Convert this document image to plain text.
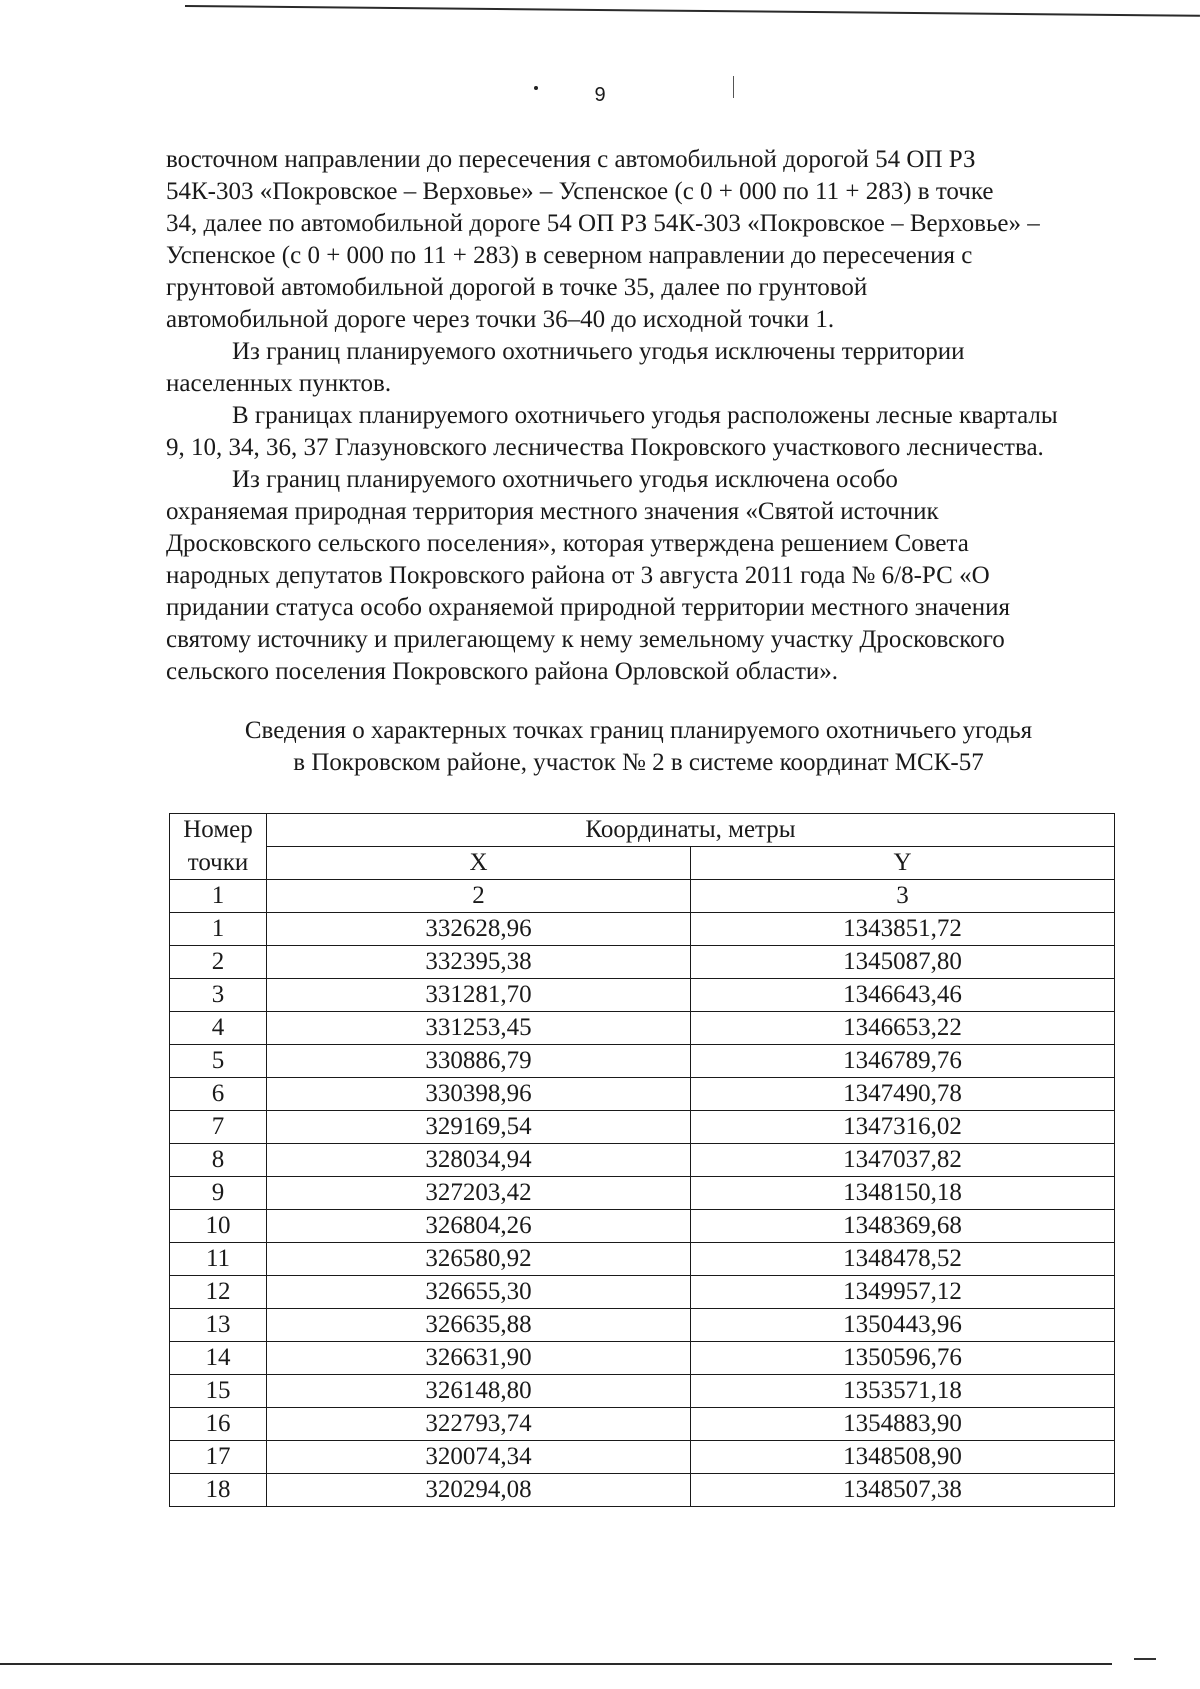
9

восточном направлении до пересечения с автомобильной дорогой 54 ОП РЗ
54К-303 «Покровское – Верховье» – Успенское (с 0 + 000 по 11 + 283) в точке
34, далее по автомобильной дороге 54 ОП РЗ 54К-303 «Покровское – Верховье» –
Успенское (с 0 + 000 по 11 + 283) в северном направлении до пересечения с
грунтовой автомобильной дорогой в точке 35, далее по грунтовой
автомобильной дороге через точки 36–40 до исходной точки 1.

Из границ планируемого охотничьего угодья исключены территории
населенных пунктов.

В границах планируемого охотничьего угодья расположены лесные кварталы
9, 10, 34, 36, 37 Глазуновского лесничества Покровского участкового лесничества.

Из границ планируемого охотничьего угодья исключена особо
охраняемая природная территория местного значения «Святой источник
Дросковского сельского поселения», которая утверждена решением Совета
народных депутатов Покровского района от 3 августа 2011 года № 6/8-РС «О
придании статуса особо охраняемой природной территории местного значения
святому источнику и прилегающему к нему земельному участку Дросковского
сельского поселения Покровского района Орловской области».

Сведения о характерных точках границ планируемого охотничьего угодья
в Покровском районе, участок № 2 в системе координат МСК-57
Номер	Координаты, метры	
точки	X	Y
1	2	3
1	332628,96	1343851,72
2	332395,38	1345087,80
3	331281,70	1346643,46
4	331253,45	1346653,22
5	330886,79	1346789,76
6	330398,96	1347490,78
7	329169,54	1347316,02
8	328034,94	1347037,82
9	327203,42	1348150,18
10	326804,26	1348369,68
11	326580,92	1348478,52
12	326655,30	1349957,12
13	326635,88	1350443,96
14	326631,90	1350596,76
15	326148,80	1353571,18
16	322793,74	1354883,90
17	320074,34	1348508,90
18	320294,08	1348507,38
